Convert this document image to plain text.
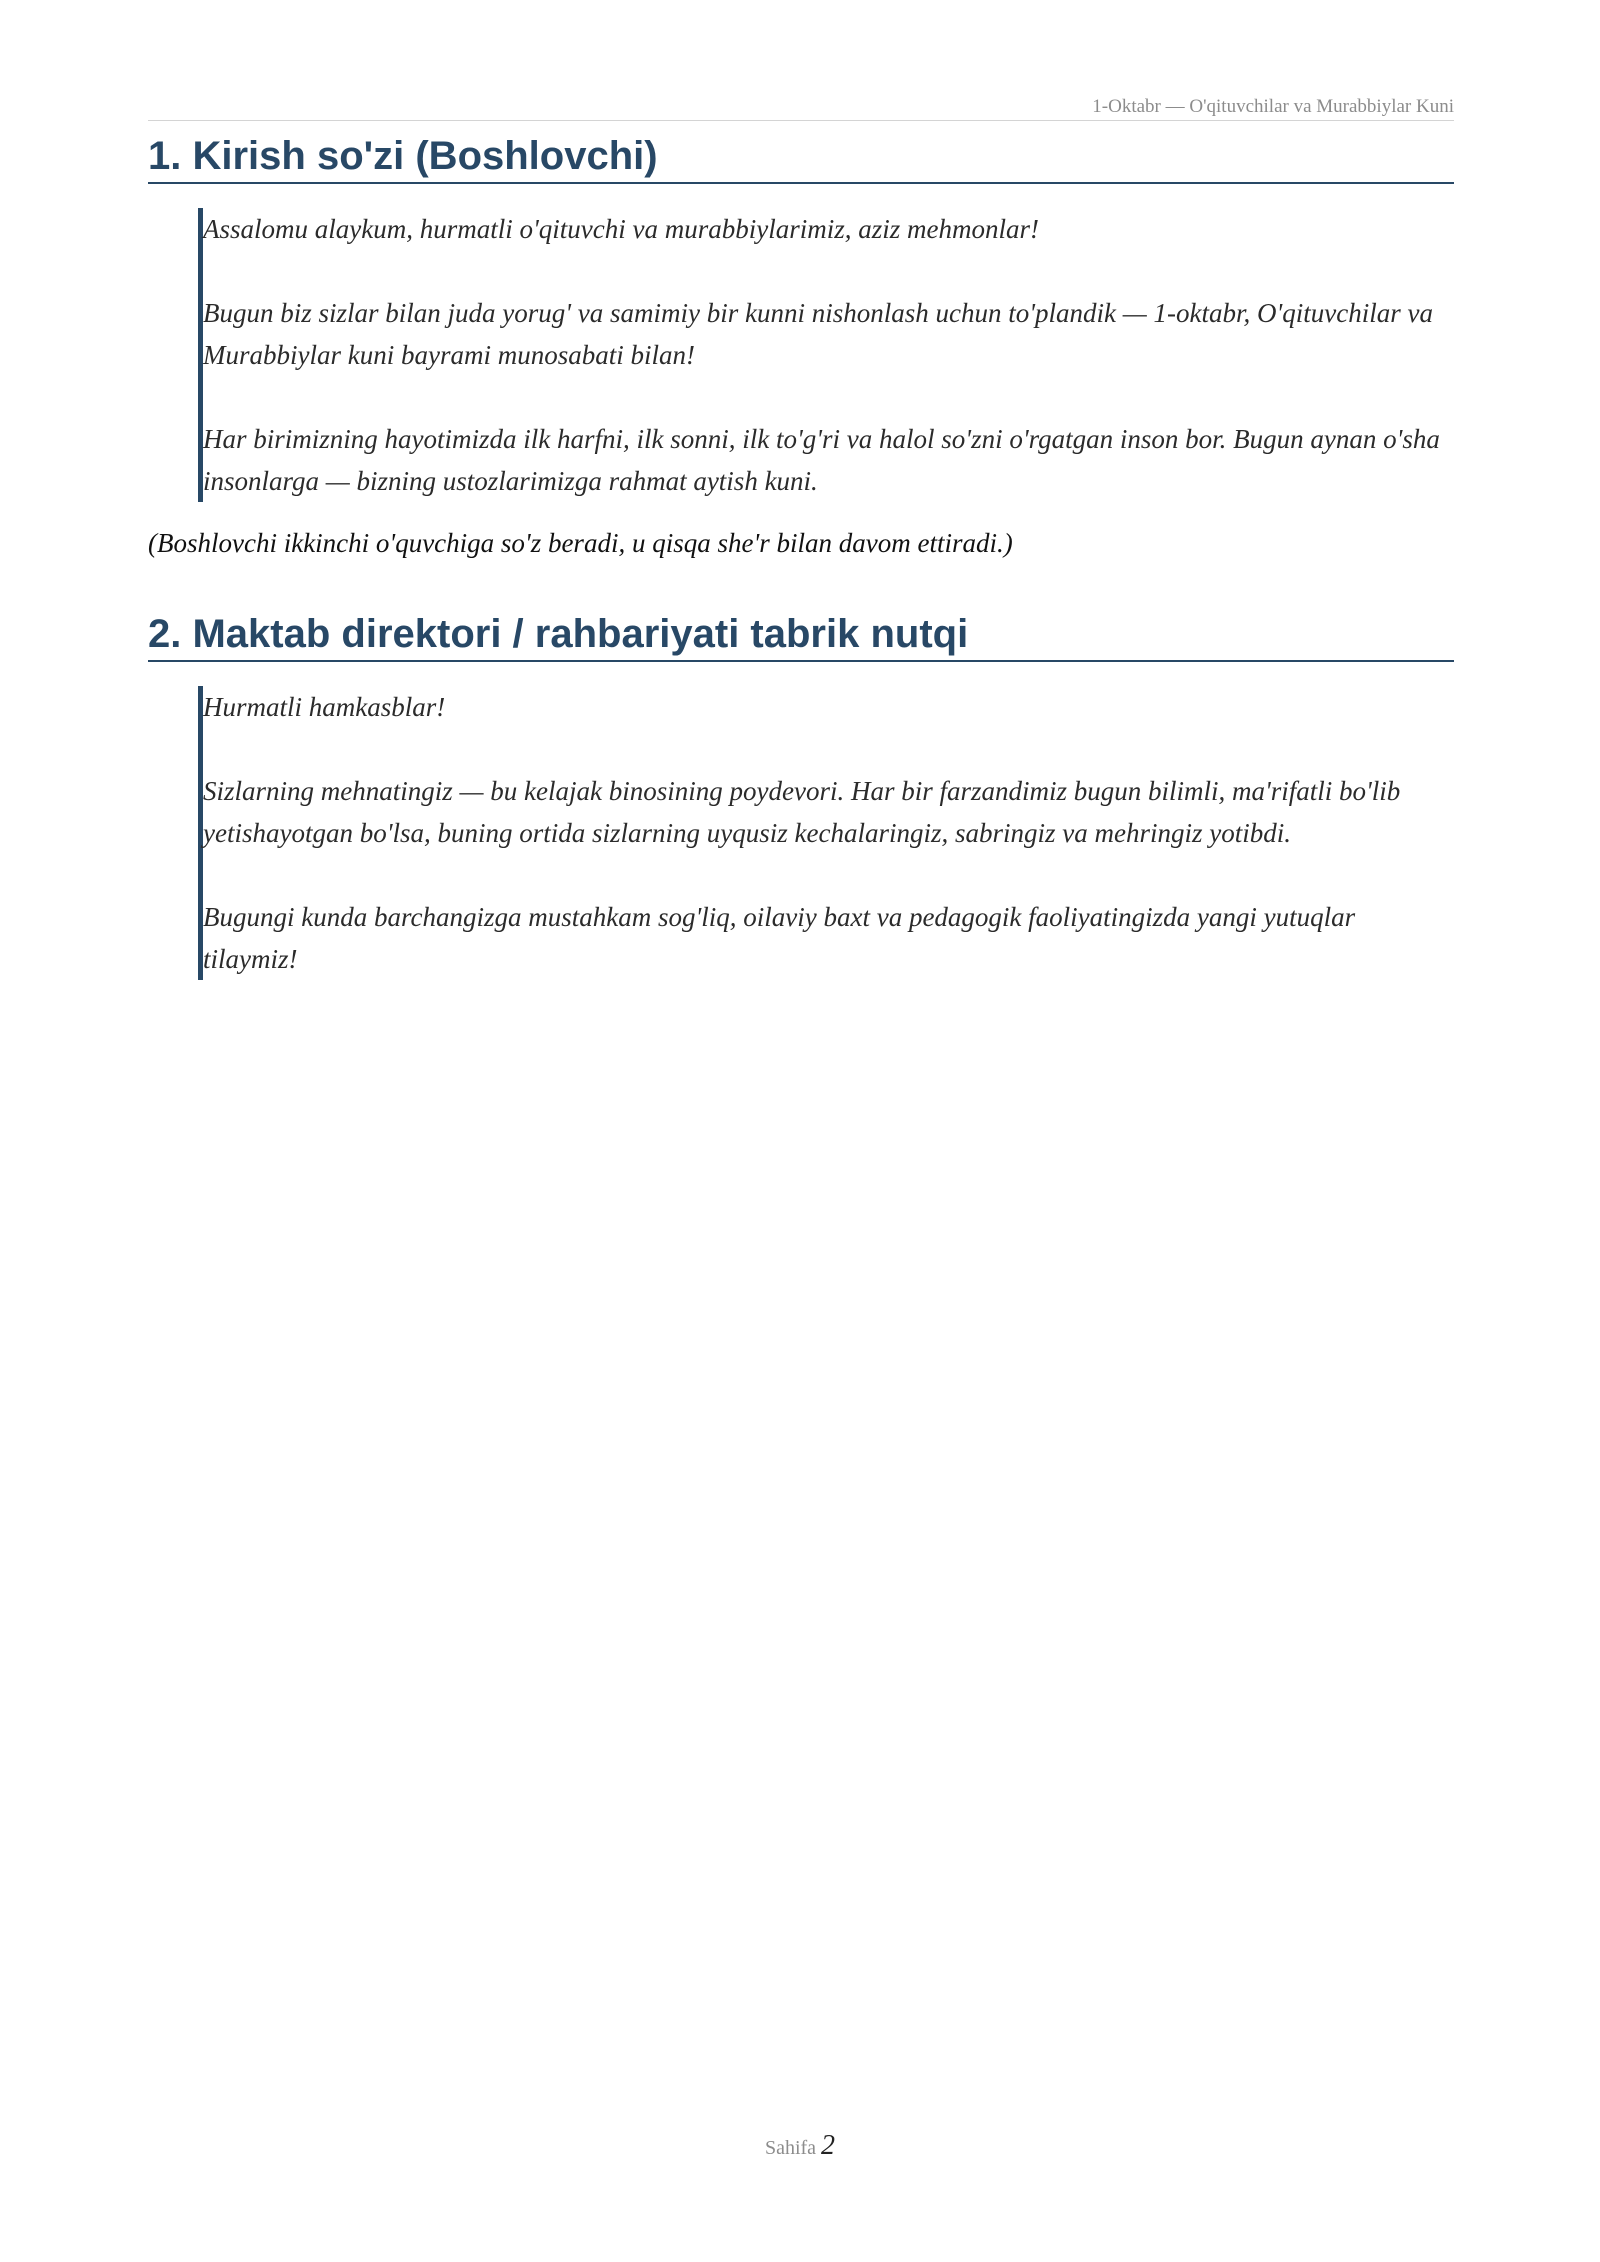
1-Oktabr — O'qituvchilar va Murabbiylar Kuni
1. Kirish so'zi (Boshlovchi)

Assalomu alaykum, hurmatli o'qituvchi va murabbiylarimiz, aziz mehmonlar!

Bugun biz sizlar bilan juda yorug' va samimiy bir kunni nishonlash uchun to'plandik — 1-oktabr, O'qituvchilar va Murabbiylar kuni bayrami munosabati bilan!

Har birimizning hayotimizda ilk harfni, ilk sonni, ilk to'g'ri va halol so'zni o'rgatgan inson bor. Bugun aynan o'sha insonlarga — bizning ustozlarimizga rahmat aytish kuni.

(Boshlovchi ikkinchi o'quvchiga so'z beradi, u qisqa she'r bilan davom ettiradi.)

2. Maktab direktori / rahbariyati tabrik nutqi

Hurmatli hamkasblar!

Sizlarning mehnatingiz — bu kelajak binosining poydevori. Har bir farzandimiz bugun bilimli, ma'rifatli bo'lib yetishayotgan bo'lsa, buning ortida sizlarning uyqusiz kechalaringiz, sabringiz va mehringiz yotibdi.

Bugungi kunda barchangizga mustahkam sog'liq, oilaviy baxt va pedagogik faoliyatingizda yangi yutuqlar tilaymiz!

Sahifa 2
